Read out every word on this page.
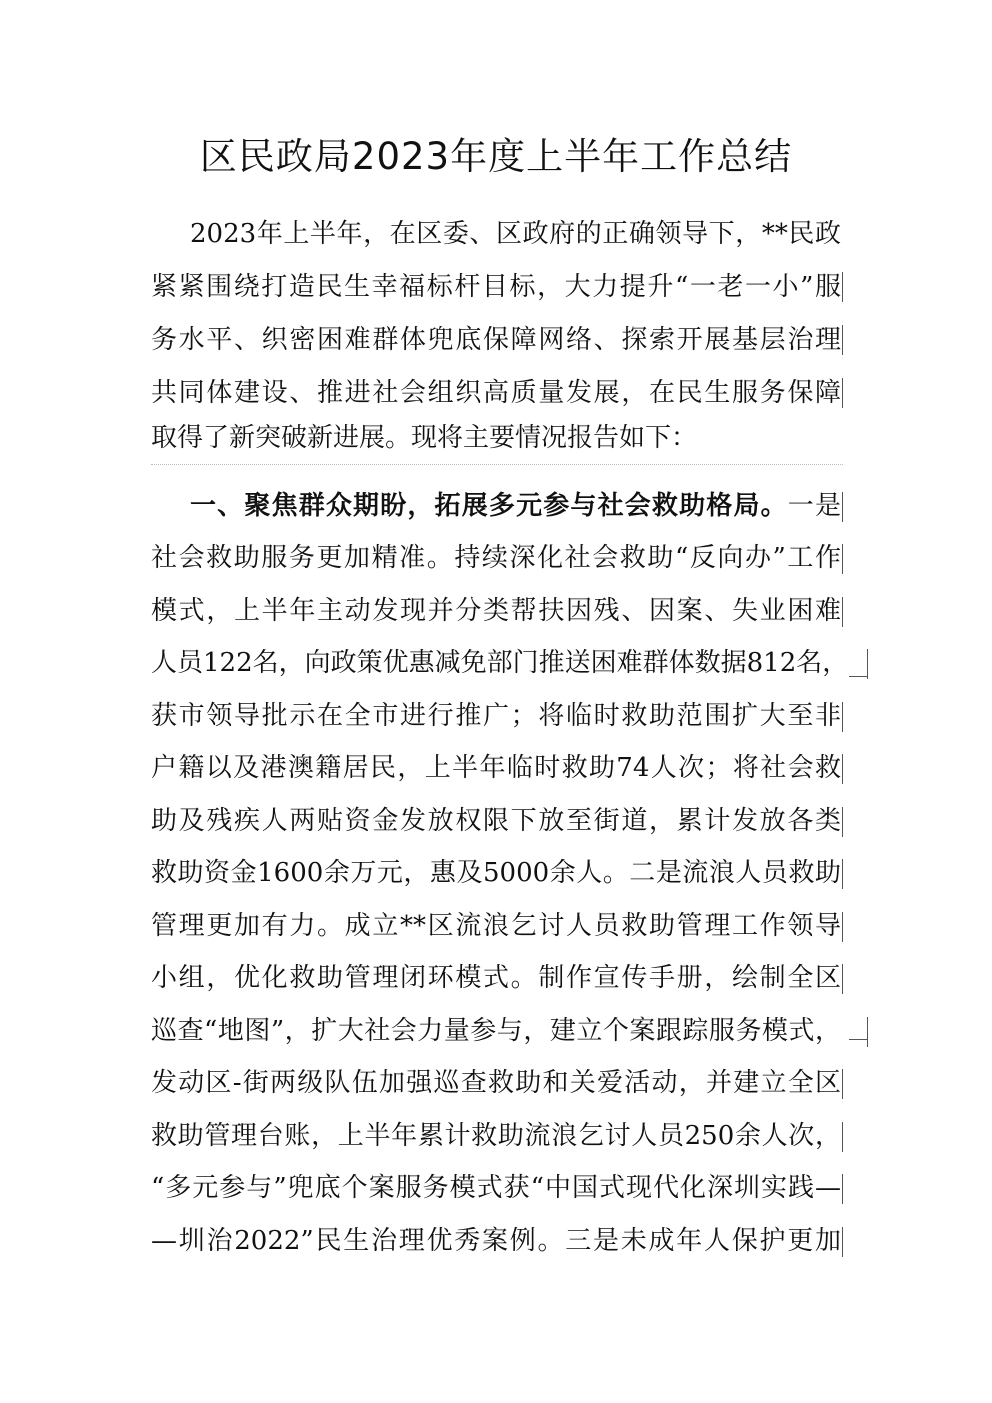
区民政局2023年度上半年工作总结
2023年上半年，在区委、区政府的正确领导下，**民政
紧紧围绕打造民生幸福标杆目标，大力提升“一老一小”服
务水平、织密困难群体兜底保障网络、探索开展基层治理
共同体建设、推进社会组织高质量发展，在民生服务保障
取得了新突破新进展。现将主要情况报告如下：
一、聚焦群众期盼，拓展多元参与社会救助格局。一是
社会救助服务更加精准。持续深化社会救助“反向办”工作
模式，上半年主动发现并分类帮扶因残、因案、失业困难
人员122名，向政策优惠减免部门推送困难群体数据812名，
获市领导批示在全市进行推广；将临时救助范围扩大至非
户籍以及港澳籍居民，上半年临时救助74人次；将社会救
助及残疾人两贴资金发放权限下放至街道，累计发放各类
救助资金1600余万元，惠及5000余人。二是流浪人员救助
管理更加有力。成立**区流浪乞讨人员救助管理工作领导
小组，优化救助管理闭环模式。制作宣传手册，绘制全区
巡查“地图”，扩大社会力量参与，建立个案跟踪服务模式，
发动区-街两级队伍加强巡查救助和关爱活动，并建立全区
救助管理台账，上半年累计救助流浪乞讨人员250余人次，
“多元参与”兜底个案服务模式获“中国式现代化深圳实践—
—圳治2022”民生治理优秀案例。三是未成年人保护更加
